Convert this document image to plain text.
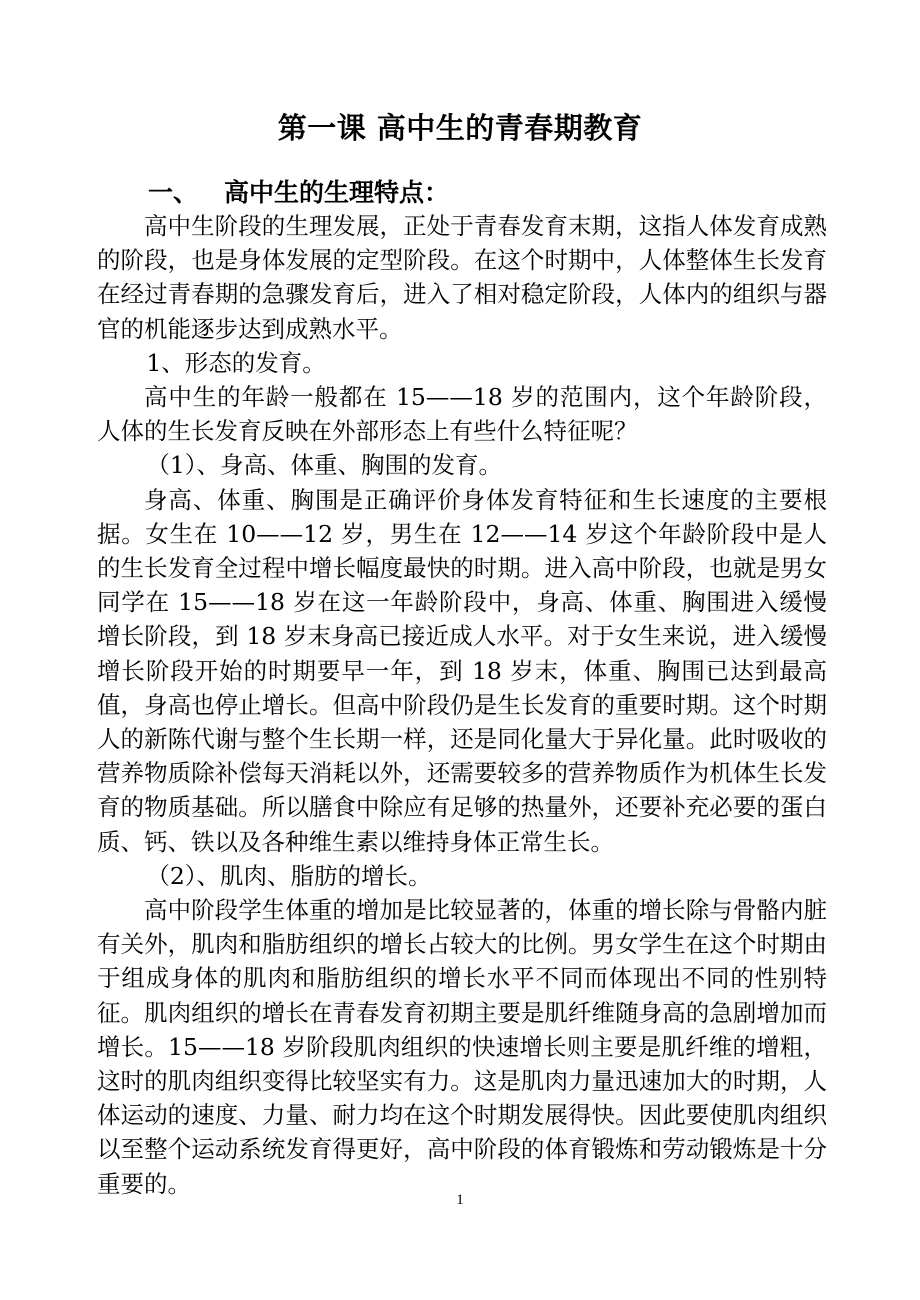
第一课 高中生的青春期教育
一、 高中生的生理特点：

高中生阶段的生理发展，正处于青春发育末期，这指人体发育成熟的阶段，也是身体发展的定型阶段。在这个时期中，人体整体生长发育在经过青春期的急骤发育后，进入了相对稳定阶段，人体内的组织与器官的机能逐步达到成熟水平。

1、形态的发育。

高中生的年龄一般都在 15——18 岁的范围内，这个年龄阶段，人体的生长发育反映在外部形态上有些什么特征呢？

（1）、身高、体重、胸围的发育。

身高、体重、胸围是正确评价身体发育特征和生长速度的主要根据。女生在 10——12 岁，男生在 12——14 岁这个年龄阶段中是人的生长发育全过程中增长幅度最快的时期。进入高中阶段，也就是男女同学在 15——18 岁在这一年龄阶段中，身高、体重、胸围进入缓慢增长阶段，到 18 岁末身高已接近成人水平。对于女生来说，进入缓慢增长阶段开始的时期要早一年，到 18 岁末，体重、胸围已达到最高值，身高也停止增长。但高中阶段仍是生长发育的重要时期。这个时期人的新陈代谢与整个生长期一样，还是同化量大于异化量。此时吸收的营养物质除补偿每天消耗以外，还需要较多的营养物质作为机体生长发育的物质基础。所以膳食中除应有足够的热量外，还要补充必要的蛋白质、钙、铁以及各种维生素以维持身体正常生长。

（2）、肌肉、脂肪的增长。

高中阶段学生体重的增加是比较显著的，体重的增长除与骨骼内脏有关外，肌肉和脂肪组织的增长占较大的比例。男女学生在这个时期由于组成身体的肌肉和脂肪组织的增长水平不同而体现出不同的性别特征。肌肉组织的增长在青春发育初期主要是肌纤维随身高的急剧增加而增长。15——18 岁阶段肌肉组织的快速增长则主要是肌纤维的增粗，这时的肌肉组织变得比较坚实有力。这是肌肉力量迅速加大的时期，人体运动的速度、力量、耐力均在这个时期发展得快。因此要使肌肉组织以至整个运动系统发育得更好，高中阶段的体育锻炼和劳动锻炼是十分重要的。

1
